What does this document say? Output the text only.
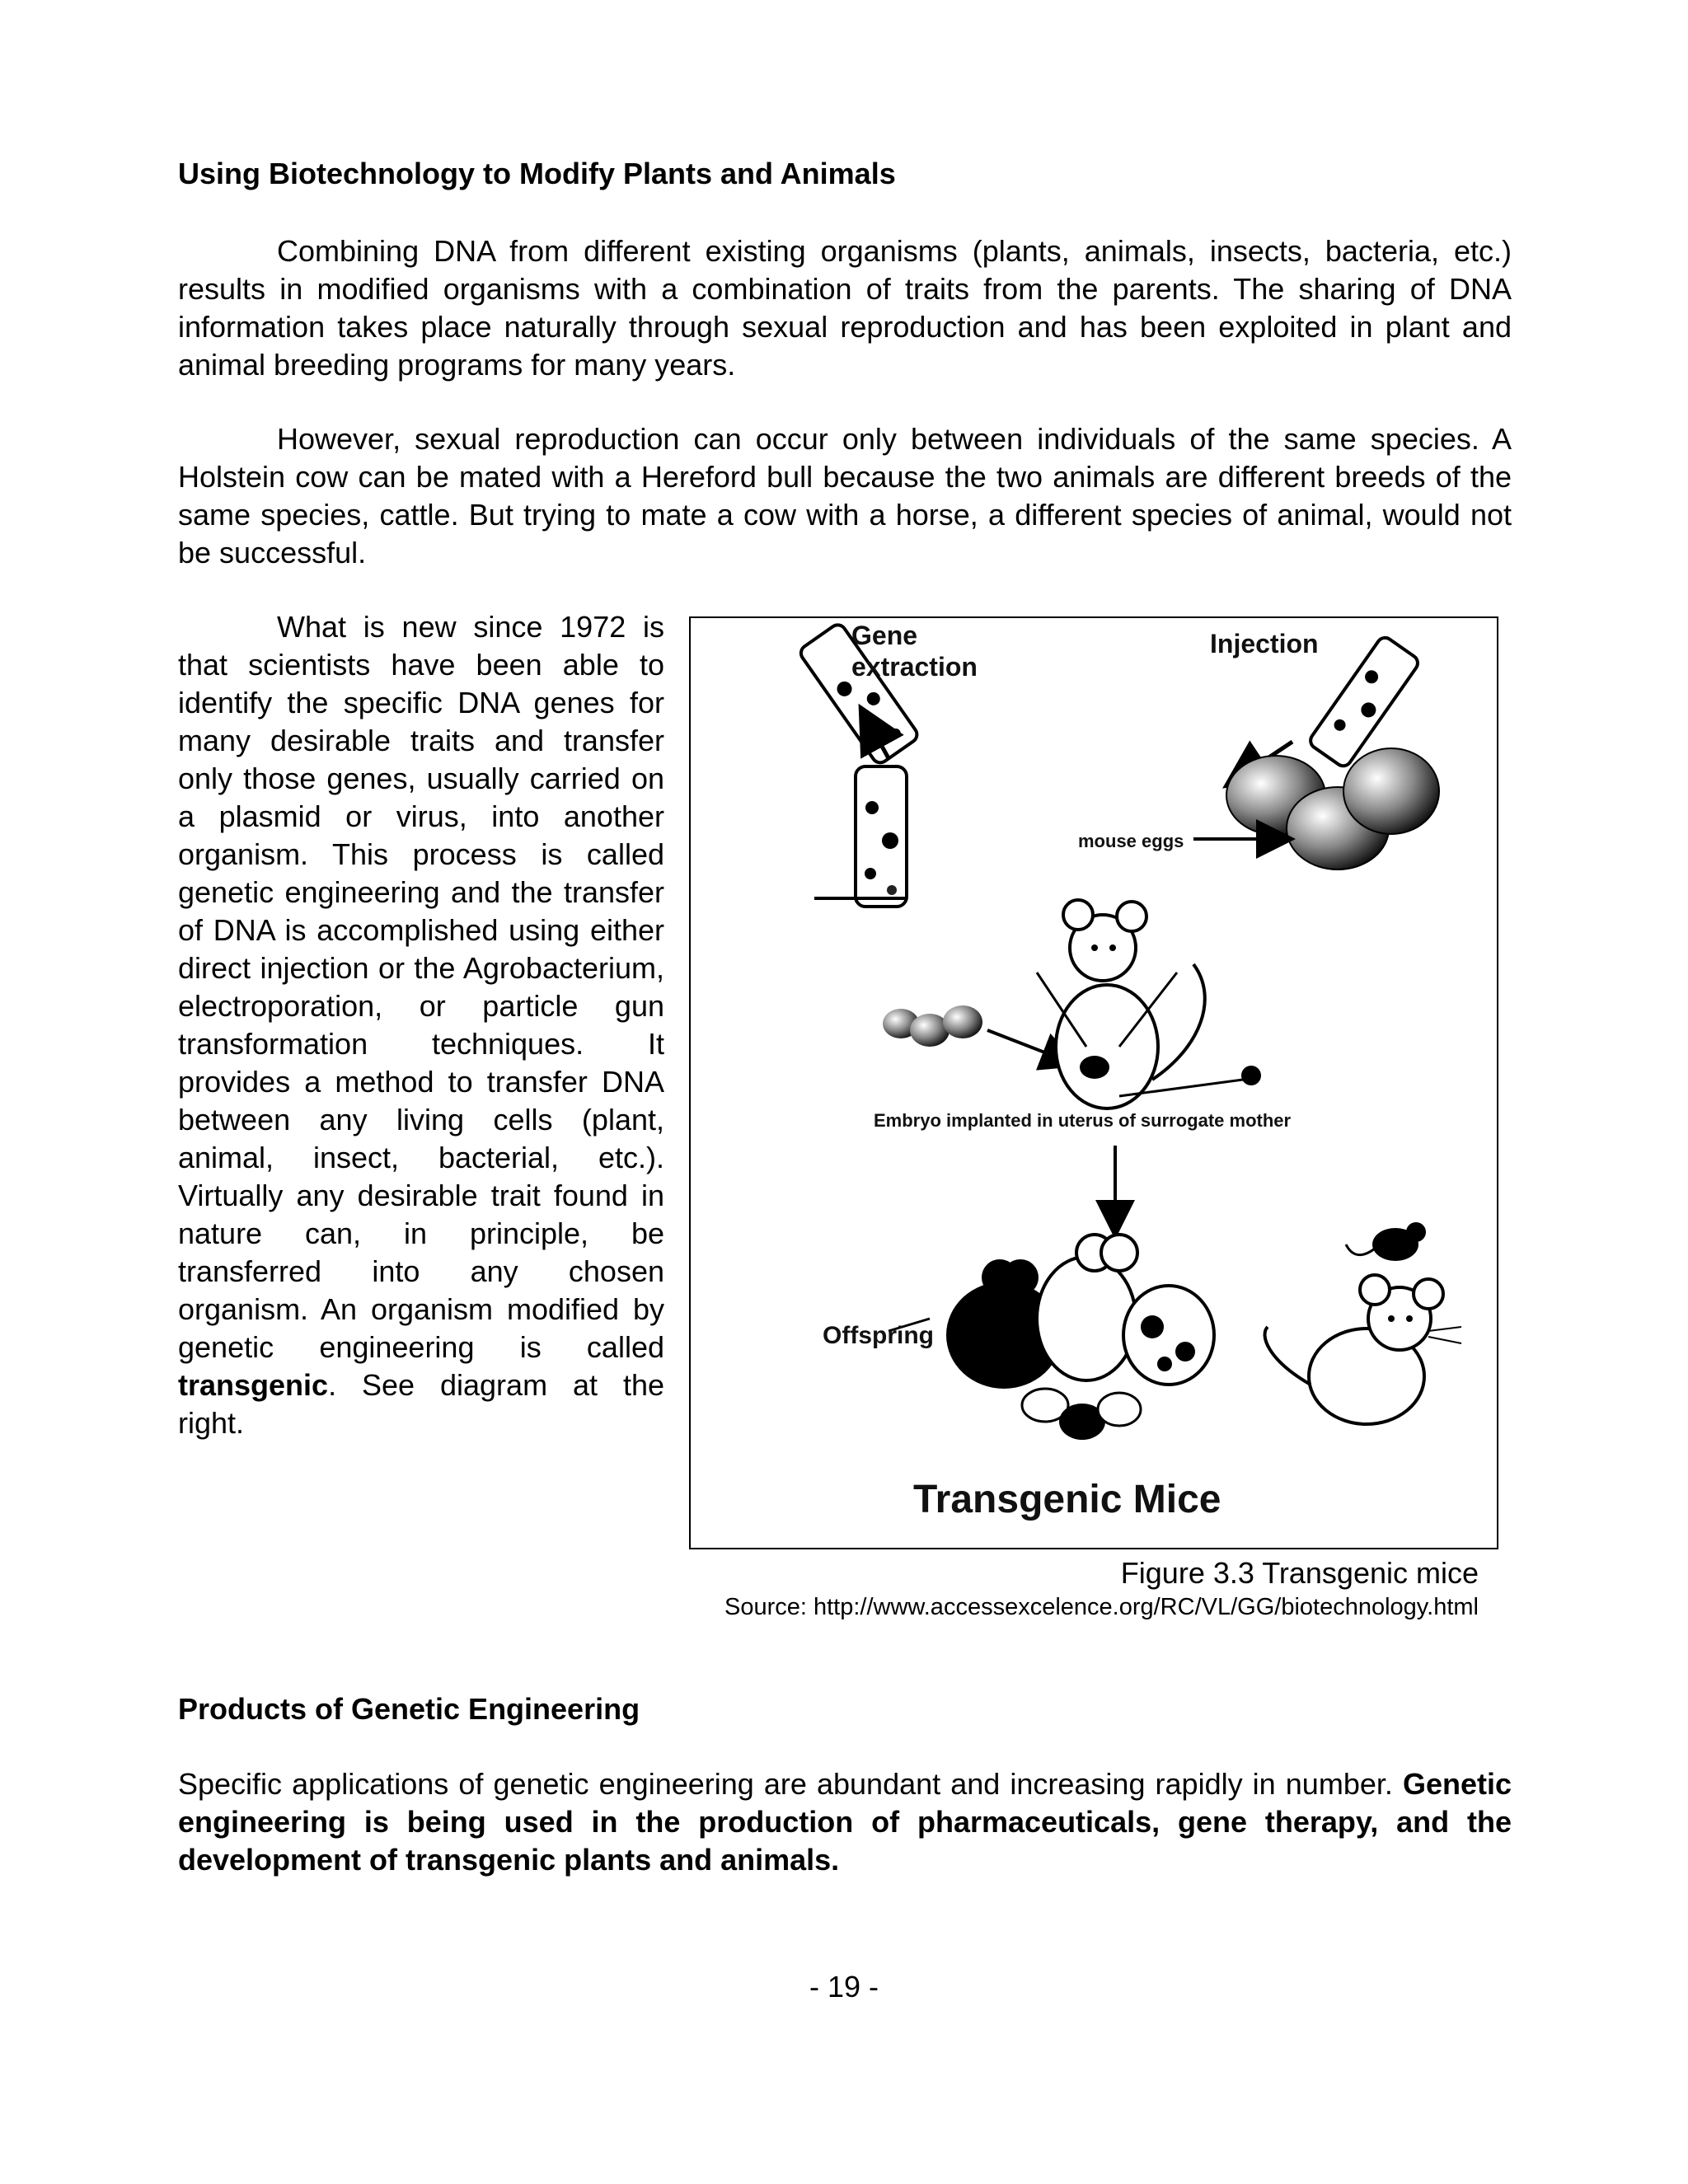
Using Biotechnology to Modify Plants and Animals

Combining DNA from different existing organisms (plants, animals, insects, bacteria, etc.) results in modified organisms with a combination of traits from the parents. The sharing of DNA information takes place naturally through sexual reproduction and has been exploited in plant and animal breeding programs for many years.

However, sexual reproduction can occur only between individuals of the same species. A Holstein cow can be mated with a Hereford bull because the two animals are different breeds of the same species, cattle. But trying to mate a cow with a horse, a different species of animal, would not be successful.

What is new since 1972 is that scientists have been able to identify the specific DNA genes for many desirable traits and transfer only those genes, usually carried on a plasmid or virus, into another organism. This process is called genetic engineering and the transfer of DNA is accomplished using either direct injection or the Agrobacterium, electroporation, or particle gun transformation techniques. It provides a method to transfer DNA between any living cells (plant, animal, insect, bacterial, etc.). Virtually any desirable trait found in nature can, in principle, be transferred into any chosen organism. An organism modified by genetic engineering is called transgenic. See diagram at the right.

Gene
extraction
Injection
mouse eggs
Embryo implanted in uterus of surrogate mother
Offspring
Transgenic Mice

Figure 3.3 Transgenic mice

Source: http://www.accessexcelence.org/RC/VL/GG/biotechnology.html

Products of Genetic Engineering

Specific applications of genetic engineering are abundant and increasing rapidly in number. Genetic engineering is being used in the production of pharmaceuticals, gene therapy, and the development of transgenic plants and animals.

- 19 -
